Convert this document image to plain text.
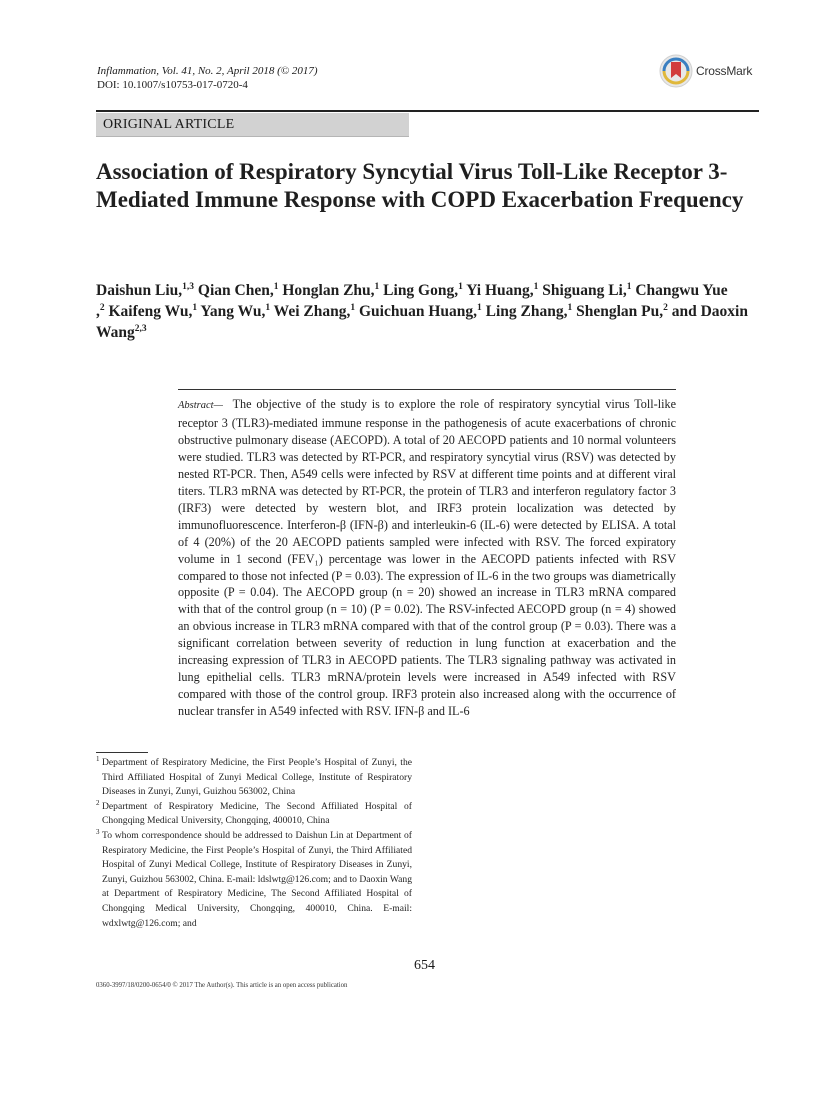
Inflammation, Vol. 41, No. 2, April 2018 (© 2017)
DOI: 10.1007/s10753-017-0720-4
CrossMark
ORIGINAL ARTICLE
Association of Respiratory Syncytial Virus Toll-Like Receptor 3-Mediated Immune Response with COPD Exacerbation Frequency
Daishun Liu,$^{1,3}$ Qian Chen,$^1$ Honglan Zhu,$^1$ Ling Gong,$^1$ Yi Huang,$^1$ Shiguang Li,$^1$ Changwu Yue
,$^2$ Kaifeng Wu,$^1$ Yang Wu,$^1$ Wei Zhang,$^1$ Guichuan Huang,$^1$ Ling Zhang,$^1$ Shenglan Pu,$^2$ and Daoxin Wang$^{2,3}$
Abstract— The objective of the study is to explore the role of respiratory syncytial virus Toll-like receptor 3 (TLR3)-mediated immune response in the pathogenesis of acute exacerbations of chronic obstructive pulmonary disease (AECOPD). A total of 20 AECOPD patients and 10 normal volunteers were studied. TLR3 was detected by RT-PCR, and respiratory syncytial virus (RSV) was detected by nested RT-PCR. Then, A549 cells were infected by RSV at different time points and at different viral titers. TLR3 mRNA was detected by RT-PCR, the protein of TLR3 and interferon regulatory factor 3 (IRF3) were detected by western blot, and IRF3 protein localization was detected by immunofluorescence. Interferon-β (IFN-β) and interleukin-6 (IL-6) were detected by ELISA. A total of 4 (20%) of the 20 AECOPD patients sampled were infected with RSV. The forced expiratory volume in 1 second (FEV₁) percentage was lower in the AECOPD patients infected with RSV compared to those not infected (P = 0.03). The expression of IL-6 in the two groups was diametrically opposite (P = 0.04). The AECOPD group (n = 20) showed an increase in TLR3 mRNA compared with that of the control group (n = 10) (P = 0.02). The RSV-infected AECOPD group (n = 4) showed an obvious increase in TLR3 mRNA compared with that of the control group (P = 0.03). There was a significant correlation between severity of reduction in lung function at exacerbation and the increasing expression of TLR3 in AECOPD patients. The TLR3 signaling pathway was activated in lung epithelial cells. TLR3 mRNA/protein levels were increased in A549 infected with RSV compared with those of the control group. IRF3 protein also increased along with the occurrence of nuclear transfer in A549 infected with RSV. IFN-β and IL-6

1 Department of Respiratory Medicine, the First People’s Hospital of Zunyi, the Third Affiliated Hospital of Zunyi Medical College, Institute of Respiratory Diseases in Zunyi, Zunyi, Guizhou 563002, China

2 Department of Respiratory Medicine, The Second Affiliated Hospital of Chongqing Medical University, Chongqing, 400010, China

3 To whom correspondence should be addressed to Daishun Lin at Department of Respiratory Medicine, the First People’s Hospital of Zunyi, the Third Affiliated Hospital of Zunyi Medical College, Institute of Respiratory Diseases in Zunyi, Zunyi, Guizhou 563002, China. E-mail: ldslwtg@126.com; and to Daoxin Wang at Department of Respiratory Medicine, The Second Affiliated Hospital of Chongqing Medical University, Chongqing, 400010, China. E-mail: wdxlwtg@126.com; and

654
0360-3997/18/0200-0654/0 © 2017 The Author(s). This article is an open access publication
